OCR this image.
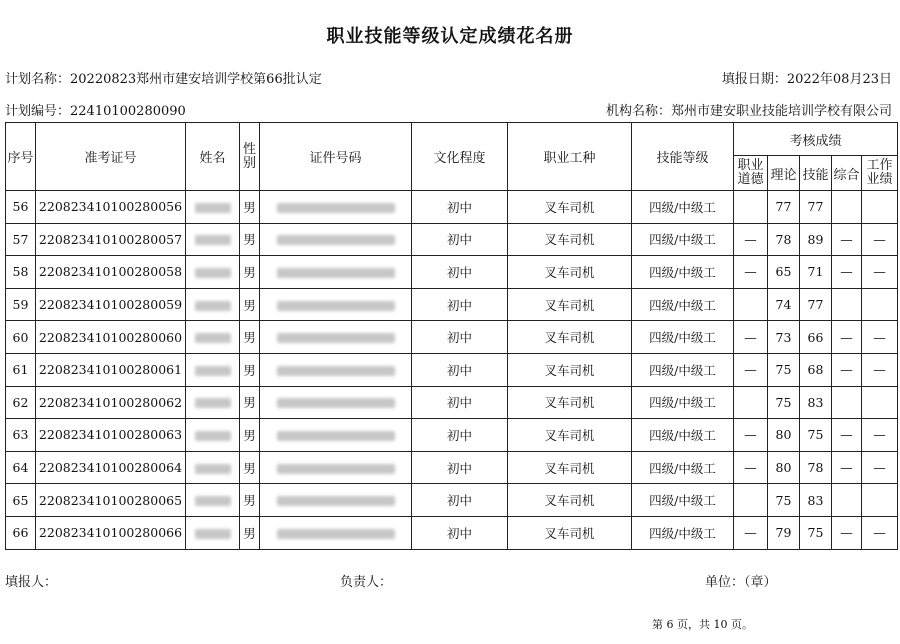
职业技能等级认定成绩花名册
计划名称：20220823郑州市建安培训学校第66批认定	填报日期：2022年08月23日
计划编号：22410100280090	机构名称：郑州市建安职业技能培训学校有限公司
序号	准考证号	姓名	性别	证件号码	文化程度	职业工种	技能等级	考核成绩				
								职业道德	理论	技能	综合	工作业绩
56	220823410100280056		男		初中	叉车司机	四级/中级工		77	77		
57	220823410100280057		男		初中	叉车司机	四级/中级工	—	78	89	—	—
58	220823410100280058		男		初中	叉车司机	四级/中级工	—	65	71	—	—
59	220823410100280059		男		初中	叉车司机	四级/中级工		74	77		
60	220823410100280060		男		初中	叉车司机	四级/中级工	—	73	66	—	—
61	220823410100280061		男		初中	叉车司机	四级/中级工	—	75	68	—	—
62	220823410100280062		男		初中	叉车司机	四级/中级工		75	83		
63	220823410100280063		男		初中	叉车司机	四级/中级工	—	80	75	—	—
64	220823410100280064		男		初中	叉车司机	四级/中级工	—	80	78	—	—
65	220823410100280065		男		初中	叉车司机	四级/中级工		75	83		
66	220823410100280066		男		初中	叉车司机	四级/中级工	—	79	75	—	—
填报人：	负责人：	单位：（章）
第 6 页，共 10 页。
